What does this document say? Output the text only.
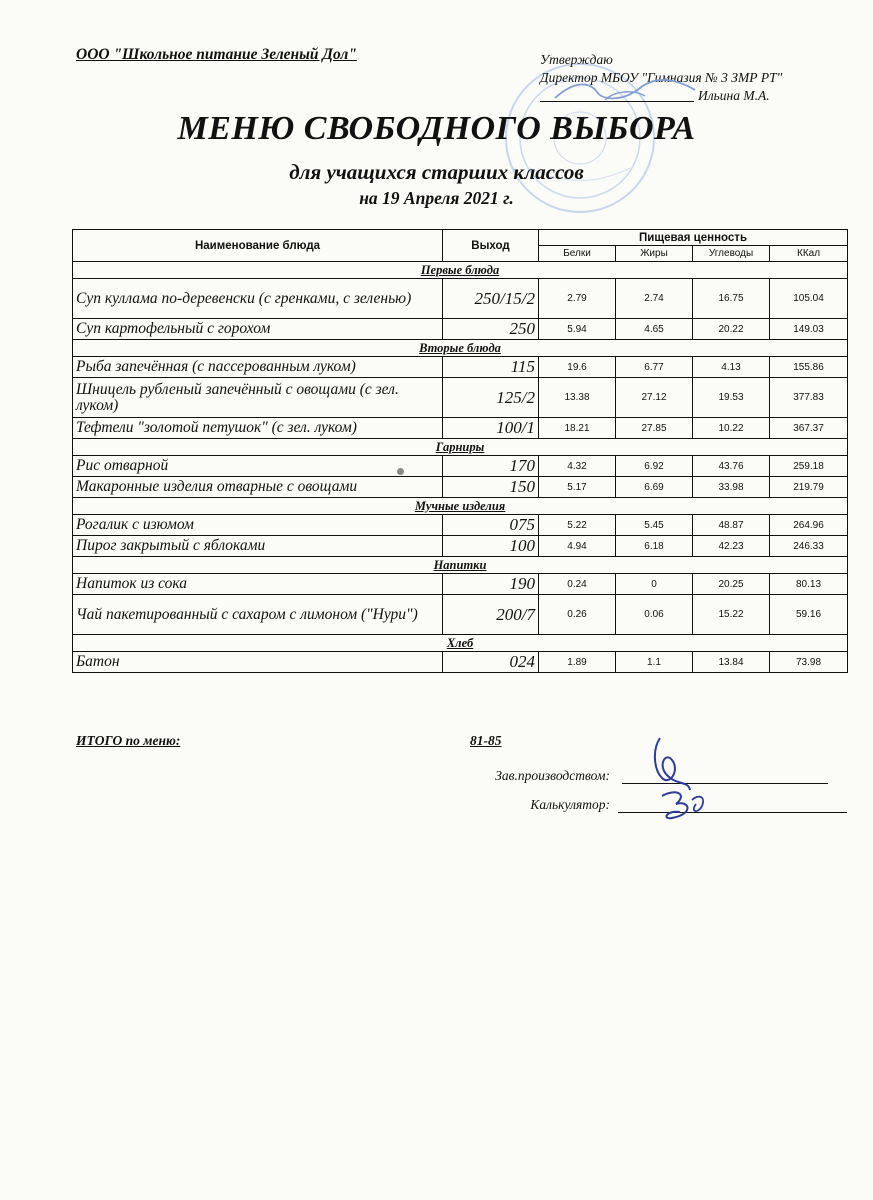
ООО "Школьное питание Зеленый Дол"	Утверждаю
Директор МБОУ "Гимназия № 3 ЗМР РТ"
Ильина М.А.
МЕНЮ СВОБОДНОГО ВЫБОРА
для учащихся старших классов
на 19 Апреля 2021 г.
Наименование блюда	Выход	Пищевая ценность			
		Белки	Жиры	Углеводы	ККал
Первые блюда					
Суп куллама по-деревенски (с гренками, с зеленью)	250/15/2	2.79	2.74	16.75	105.04
Суп картофельный с горохом	250	5.94	4.65	20.22	149.03
Вторые блюда					
Рыба запечённая (с пассерованным луком)	115	19.6	6.77	4.13	155.86
Шницель рубленый запечённый с овощами (с зел. луком)	125/2	13.38	27.12	19.53	377.83
Тефтели "золотой петушок" (с зел. луком)	100/1	18.21	27.85	10.22	367.37
Гарниры					
Рис отварной	170	4.32	6.92	43.76	259.18
Макаронные изделия отварные с овощами	150	5.17	6.69	33.98	219.79
Мучные изделия					
Рогалик с изюмом	075	5.22	5.45	48.87	264.96
Пирог закрытый с яблоками	100	4.94	6.18	42.23	246.33
Напитки					
Напиток из сока	190	0.24	0	20.25	80.13
Чай пакетированный с сахаром с лимоном ("Нури")	200/7	0.26	0.06	15.22	59.16
Хлеб					
Батон	024	1.89	1.1	13.84	73.98
ИТОГО по меню:	81-85
Зав.производством:
Калькулятор:
